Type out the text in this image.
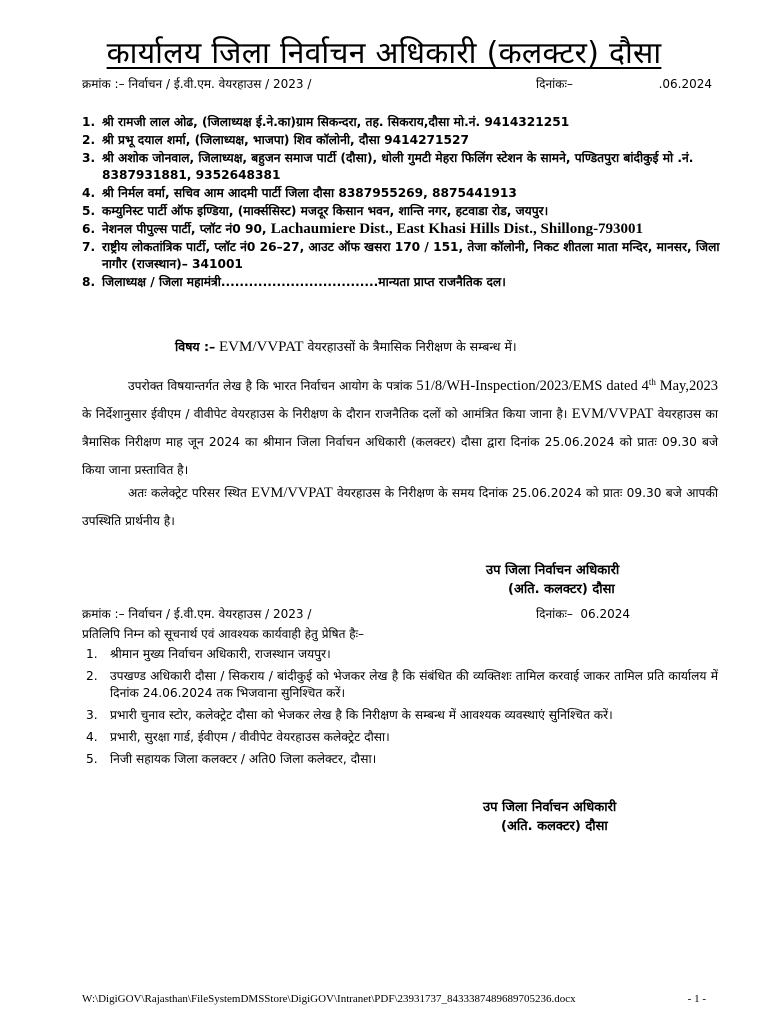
कार्यालय जिला निर्वाचन अधिकारी (कलक्टर) दौसा
क्रमांक :– निर्वाचन / ई.वी.एम. वेयरहाउस / 2023 /	दिनांकः–	.06.2024
1. श्री रामजी लाल ओढ, (जिलाध्यक्ष ई.ने.का)ग्राम सिकन्दरा, तह. सिकराय,दौसा मो.नं. 9414321251
2. श्री प्रभू दयाल शर्मा, (जिलाध्यक्ष, भाजपा) शिव कॉलोनी, दौसा 9414271527
3. श्री अशोक जोनवाल, जिलाध्यक्ष, बहुजन समाज पार्टी (दौसा), धोली गुमटी मेहरा फिलिंग स्टेशन के सामने, पण्डितपुरा बांदीकुई मो .नं. 8387931881, 9352648381
4. श्री निर्मल वर्मा, सचिव आम आदमी पार्टी जिला दौसा 8387955269, 8875441913
5. कम्युनिस्ट पार्टी ऑफ इण्डिया, (मार्क्ससिस्ट) मजदूर किसान भवन, शान्ति नगर, हटवाडा रोड, जयपुर।
6. नेशनल पीपुल्स पार्टी, प्लॉट नं0 90, Lachaumiere Dist., East Khasi Hills Dist., Shillong-793001
7. राष्ट्रीय लोकतांत्रिक पार्टी, प्लॉट नं0 26–27, आउट ऑफ खसरा 170 / 151, तेजा कॉलोनी, निकट शीतला माता मन्दिर, मानसर, जिला नागौर (राजस्थान)– 341001
8. जिलाध्यक्ष / जिला महामंत्री..................................मान्यता प्राप्त राजनैतिक दल।
विषय :– EVM/VVPAT वेयरहाउसों के त्रैमासिक निरीक्षण के सम्बन्ध में।
उपरोक्त विषयान्तर्गत लेख है कि भारत निर्वाचन आयोग के पत्रांक 51/8/WH-Inspection/2023/EMS dated 4th May,2023 के निर्देशानुसार ईवीएम / वीवीपेट वेयरहाउस के निरीक्षण के दौरान राजनैतिक दलों को आमंत्रित किया जाना है। EVM/VVPAT वेयरहाउस का त्रैमासिक निरीक्षण माह जून 2024 का श्रीमान जिला निर्वाचन अधिकारी (कलक्टर) दौसा द्वारा दिनांक 25.06.2024 को प्रातः 09.30 बजे किया जाना प्रस्तावित है।
अतः कलेक्ट्रेट परिसर स्थित EVM/VVPAT वेयरहाउस के निरीक्षण के समय दिनांक 25.06.2024 को प्रातः 09.30 बजे आपकी उपस्थिति प्रार्थनीय है।
उप जिला निर्वाचन अधिकारी
(अति. कलक्टर) दौसा
क्रमांक :– निर्वाचन / ई.वी.एम. वेयरहाउस / 2023 /	दिनांकः– 06.2024
प्रतिलिपि निम्न को सूचनार्थ एवं आवश्यक कार्यवाही हेतु प्रेषित हैः–
1. श्रीमान मुख्य निर्वाचन अधिकारी, राजस्थान जयपुर।
2. उपखण्ड अधिकारी दौसा / सिकराय / बांदीकुई को भेजकर लेख है कि संबंधित की व्यक्तिशः तामिल करवाई जाकर तामिल प्रति कार्यालय में दिनांक 24.06.2024 तक भिजवाना सुनिश्चित करें।
3. प्रभारी चुनाव स्टोर, कलेक्ट्रेट दौसा को भेजकर लेख है कि निरीक्षण के सम्बन्ध में आवश्यक व्यवस्थाएं सुनिश्चित करें।
4. प्रभारी, सुरक्षा गार्ड, ईवीएम / वीवीपेट वेयरहाउस कलेक्ट्रेट दौसा।
5. निजी सहायक जिला कलक्टर / अति0 जिला कलेक्टर, दौसा।
उप जिला निर्वाचन अधिकारी
(अति. कलक्टर) दौसा
W:\DigiGOV\Rajasthan\FileSystemDMSStore\DigiGOV\Intranet\PDF\23931737_8433387489689705236.docx	- 1 -
